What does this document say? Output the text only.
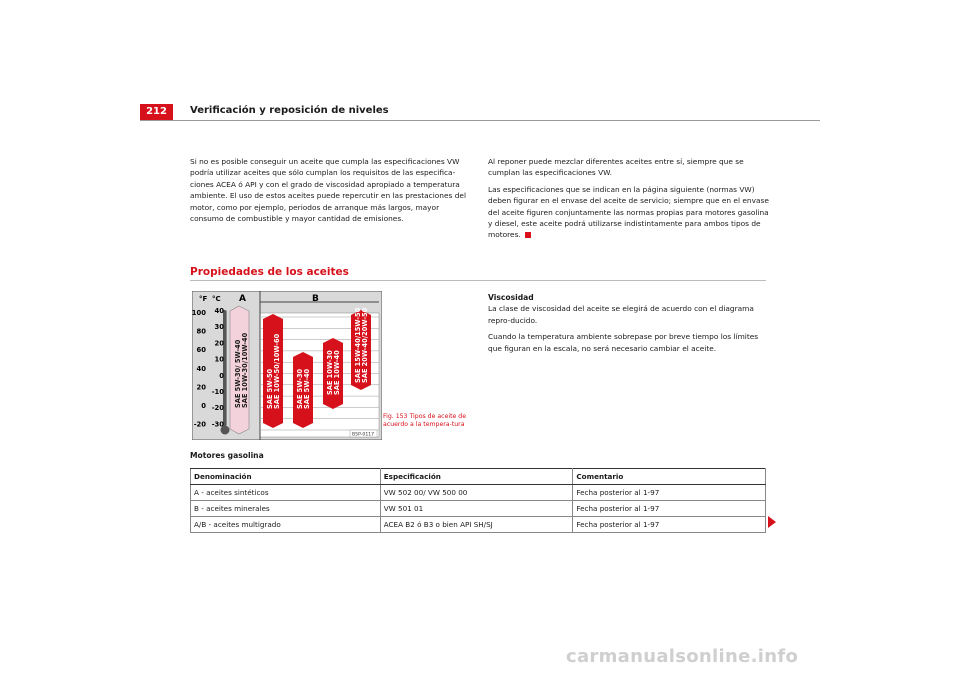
212	Verificación y reposición de niveles

Si no es posible conseguir un aceite que cumpla las especificaciones VW podría utilizar aceites que sólo cumplan los requisitos de las especifica-ciones ACEA ó API y con el grado de viscosidad apropiado a temperatura ambiente. El uso de estos aceites puede repercutir en las prestaciones del motor, como por ejemplo, periodos de arranque más largos, mayor consumo de combustible y mayor cantidad de emisiones.

Al reponer puede mezclar diferentes aceites entre sí, siempre que se cumplan las especificaciones VW.

Las especificaciones que se indican en la página siguiente (normas VW) deben figurar en el envase del aceite de servicio; siempre que en el envase del aceite figuren conjuntamente las normas propias para motores gasolina y diesel, este aceite podrá utilizarse indistintamente para ambos tipos de motores.

Propiedades de los aceites
°F °C A	B
100
80
60
40
20
0
-20
40
30
20
10
0
-10
-20
-30
SAE 5W-30/ 5W-40 SAE 10W-30/10W-40	SAE 5W-50 SAE 10W-50/10W-60 SAE 5W-30 SAE 5W-40 SAE 10W-30 SAE 10W-40 SAE 15W-40/15W-50 SAE 20W-40/20W-50
B5P-0117
Fig. 153 Tipos de aceite de acuerdo a la tempera-tura
Viscosidad

La clase de viscosidad del aceite se elegirá de acuerdo con el diagrama repro-ducido.

Cuando la temperatura ambiente sobrepase por breve tiempo los límites que figuran en la escala, no será necesario cambiar el aceite.

Motores gasolina
Denominación	Especificación	Comentario
A - aceites sintéticos	VW 502 00/ VW 500 00	Fecha posterior al 1-97
B - aceites minerales	VW 501 01	Fecha posterior al 1-97
A/B - aceites multigrado	ACEA B2 ó B3 o bien API SH/SJ	Fecha posterior al 1-97
carmanualsonline.info
